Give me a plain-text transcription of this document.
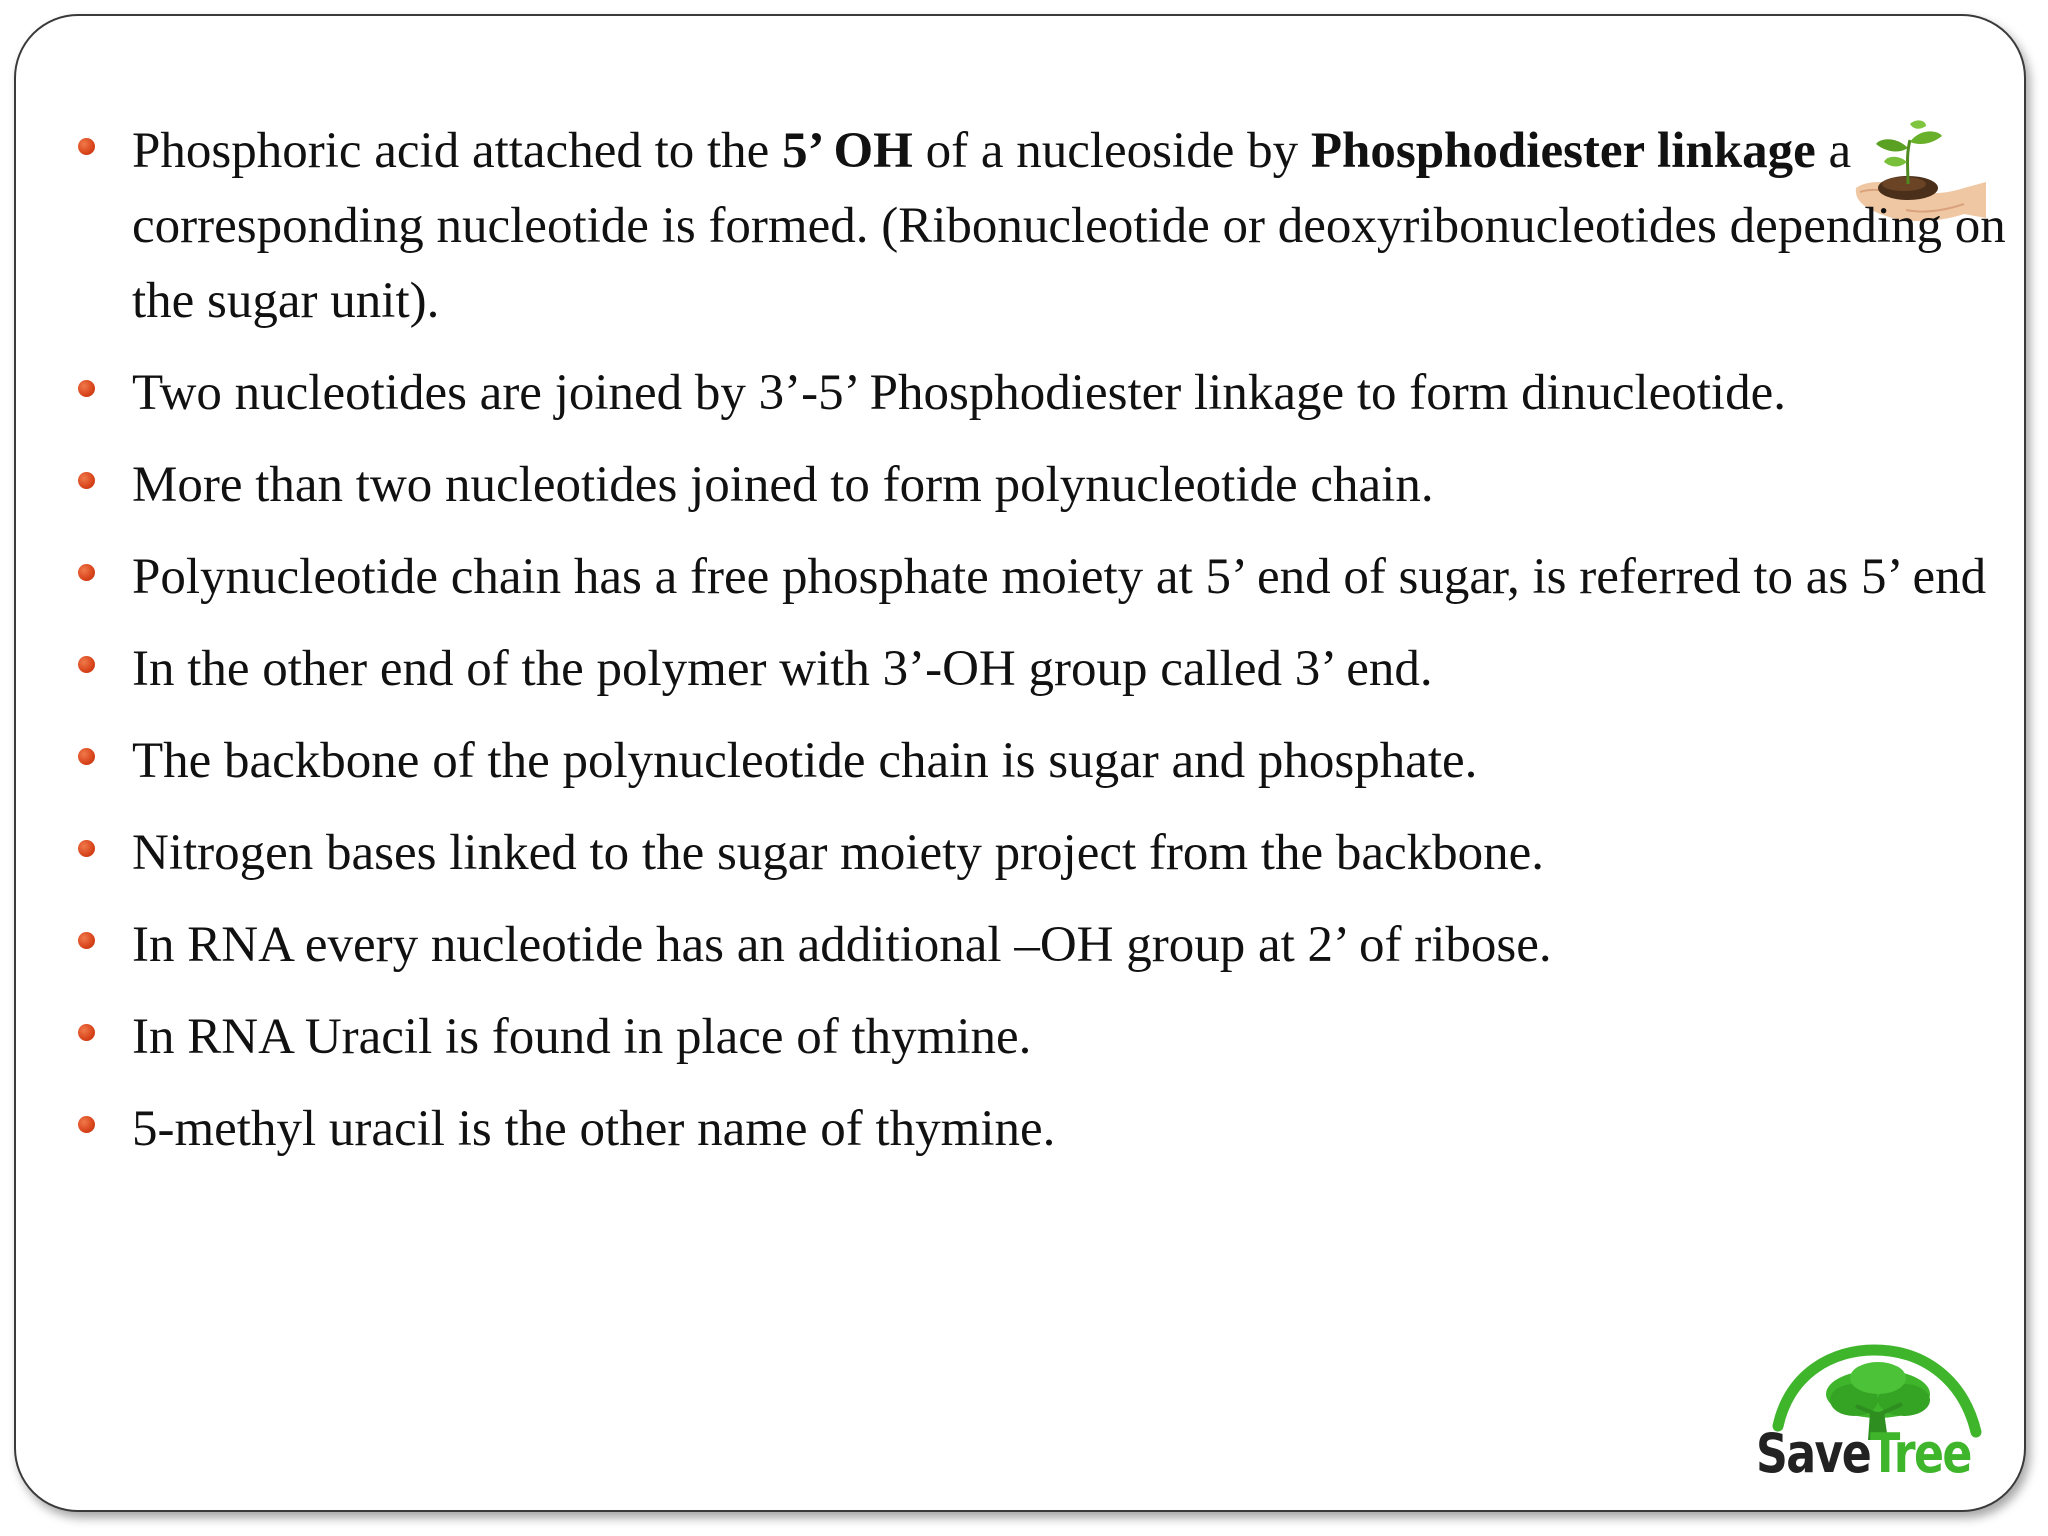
Phosphoric acid attached to the 5’ OH of a nucleoside by Phosphodiester linkage a corresponding nucleotide is formed. (Ribonucleotide or deoxyribonucleotides depending on the sugar unit).
Two nucleotides are joined by 3’-5’ Phosphodiester linkage to form dinucleotide.
More than two nucleotides joined to form polynucleotide chain.
Polynucleotide chain has a free phosphate moiety at 5’ end of sugar, is referred to as 5’ end
In the other end of the polymer with 3’-OH group called 3’ end.
The backbone of the polynucleotide chain is sugar and phosphate.
Nitrogen bases linked to the sugar moiety project from the backbone.
In RNA every nucleotide has an additional –OH group at 2’ of ribose.
In RNA Uracil is found in place of thymine.
5-methyl uracil is the other name of thymine.
SaveTree
